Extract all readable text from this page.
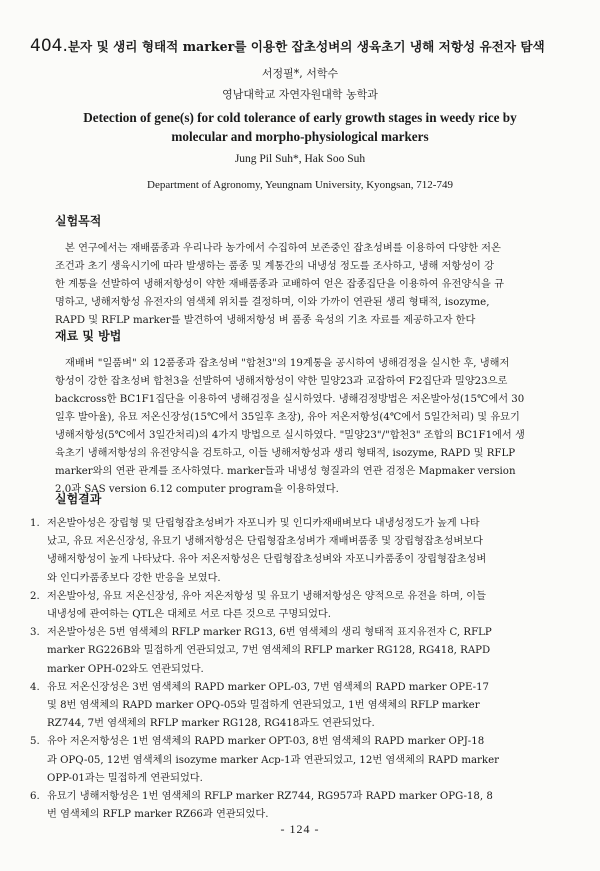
404.분자 및 생리 형태적 marker를 이용한 잡초성벼의 생육초기 냉해 저항성 유전자 탐색
서정필*, 서학수
영남대학교 자연자원대학 농학과
Detection of gene(s) for cold tolerance of early growth stages in weedy rice by
molecular and morpho-physiological markers
Jung Pil Suh*, Hak Soo Suh
Department of Agronomy, Yeungnam University, Kyongsan, 712-749
실험목적
본 연구에서는 재배품종과 우리나라 농가에서 수집하여 보존중인 잡초성벼를 이용하여 다양한 저온
조건과 초기 생육시기에 따라 발생하는 품종 및 계통간의 내냉성 정도를 조사하고, 냉해 저항성이 강
한 계통을 선발하여 냉해저항성이 약한 재배품종과 교배하여 얻은 잡종집단을 이용하여 유전양식을 규
명하고, 냉해저항성 유전자의 염색체 위치를 결정하며, 이와 가까이 연관된 생리 형태적, isozyme,
RAPD 및 RFLP marker를 발견하여 냉해저항성 벼 품종 육성의 기초 자료를 제공하고자 한다
재료 및 방법
재배벼 "일품벼" 외 12품종과 잡초성벼 "합천3"의 19계통을 공시하여 냉해검정을 실시한 후, 냉해저
항성이 강한 잡초성벼 합천3을 선발하여 냉해저항성이 약한 밀양23과 교잡하여 F2집단과 밀양23으로
backcross한 BC1F1집단을 이용하여 냉해검정을 실시하였다. 냉해검정방법은 저온발아성(15℃에서 30
일후 발아율), 유묘 저온신장성(15℃에서 35일후 초장), 유아 저온저항성(4℃에서 5일간처리) 및 유묘기
냉해저항성(5℃에서 3일간처리)의 4가지 방법으로 실시하였다. "밀양23"/"합천3" 조합의 BC1F1에서 생
육초기 냉해저항성의 유전양식을 검토하고, 이들 냉해저항성과 생리 형태적, isozyme, RAPD 및 RFLP
marker와의 연관 관계를 조사하였다. marker들과 내냉성 형질과의 연관 검정은 Mapmaker version
2.0과 SAS version 6.12 computer program을 이용하였다.
실험결과
1. 저온발아성은 장립형 및 단립형잡초성벼가 자포니카 및 인디카재배벼보다 내냉성정도가 높게 나타
났고, 유묘 저온신장성, 유묘기 냉해저항성은 단립형잡초성벼가 재배벼품종 및 장립형잡초성벼보다
냉해저항성이 높게 나타났다. 유아 저온저항성은 단립형잡초성벼와 자포니카품종이 장립형잡초성벼
와 인디카품종보다 강한 반응을 보였다.
2. 저온발아성, 유묘 저온신장성, 유아 저온저항성 및 유묘기 냉해저항성은 양적으로 유전을 하며, 이들
내냉성에 관여하는 QTL은 대체로 서로 다른 것으로 구명되었다.
3. 저온발아성은 5번 염색체의 RFLP marker RG13, 6번 염색체의 생리 형태적 표지유전자 C, RFLP
marker RG226B와 밀접하게 연관되었고, 7번 염색체의 RFLP marker RG128, RG418, RAPD
marker OPH-02와도 연관되었다.
4. 유묘 저온신장성은 3번 염색체의 RAPD marker OPL-03, 7번 염색체의 RAPD marker OPE-17
및 8번 염색체의 RAPD marker OPQ-05와 밀접하게 연관되었고, 1번 염색체의 RFLP marker
RZ744, 7번 염색체의 RFLP marker RG128, RG418과도 연관되었다.
5. 유아 저온저항성은 1번 염색체의 RAPD marker OPT-03, 8번 염색체의 RAPD marker OPJ-18
과 OPQ-05, 12번 염색체의 isozyme marker Acp-1과 연관되었고, 12번 염색체의 RAPD marker
OPP-01과는 밀접하게 연관되었다.
6. 유묘기 냉해저항성은 1번 염색체의 RFLP marker RZ744, RG957과 RAPD marker OPG-18, 8
번 염색체의 RFLP marker RZ66과 연관되었다.
- 124 -
